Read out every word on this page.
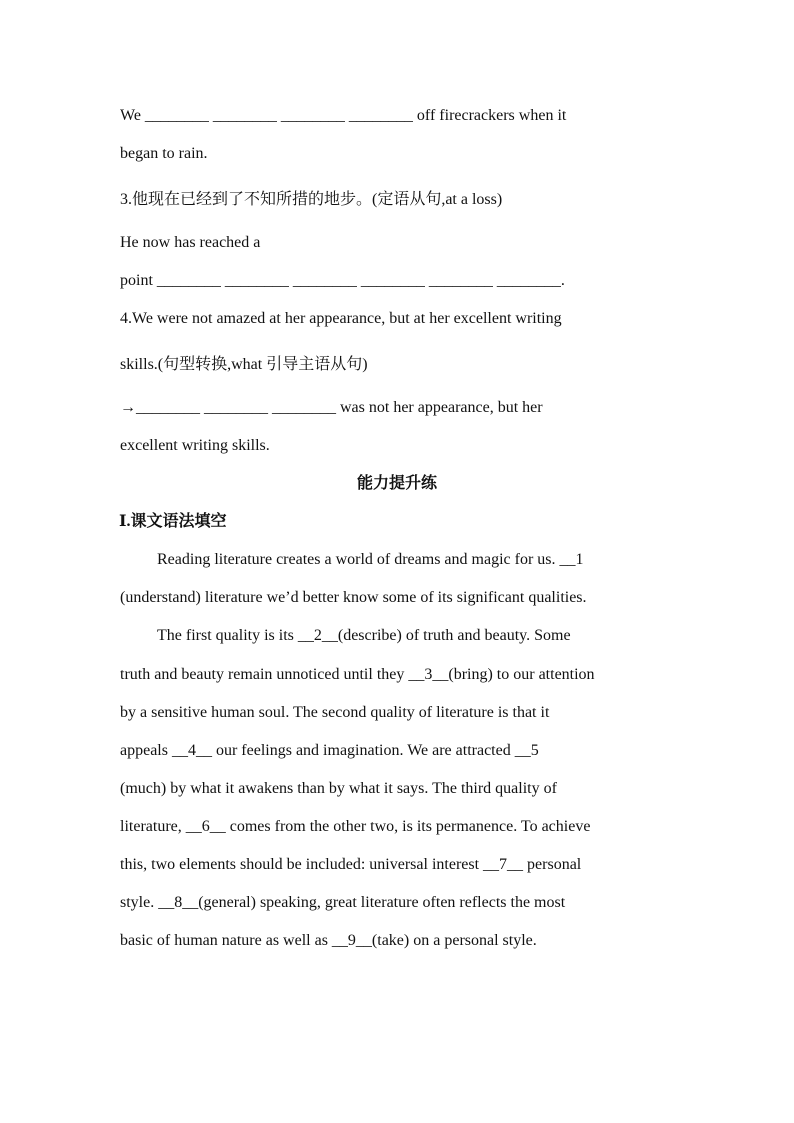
We ________ ________ ________ ________ off firecrackers when it
began to rain.
3.他现在已经到了不知所措的地步。(定语从句,at a loss)
He now has reached a
point ________ ________ ________ ________ ________ ________.
4.We were not amazed at her appearance, but at her excellent writing
skills.(句型转换,what 引导主语从句)
→________ ________ ________ was not her appearance, but her
excellent writing skills.
能力提升练
Ⅰ.课文语法填空
Reading literature creates a world of dreams and magic for us. __1
(understand) literature we’d better know some of its significant qualities.
The first quality is its __2__(describe) of truth and beauty. Some
truth and beauty remain unnoticed until they __3__(bring) to our attention
by a sensitive human soul. The second quality of literature is that it
appeals __4__ our feelings and imagination. We are attracted __5
(much) by what it awakens than by what it says. The third quality of
literature, __6__ comes from the other two, is its permanence. To achieve
this, two elements should be included: universal interest __7__ personal
style. __8__(general) speaking, great literature often reflects the most
basic of human nature as well as __9__(take) on a personal style.
